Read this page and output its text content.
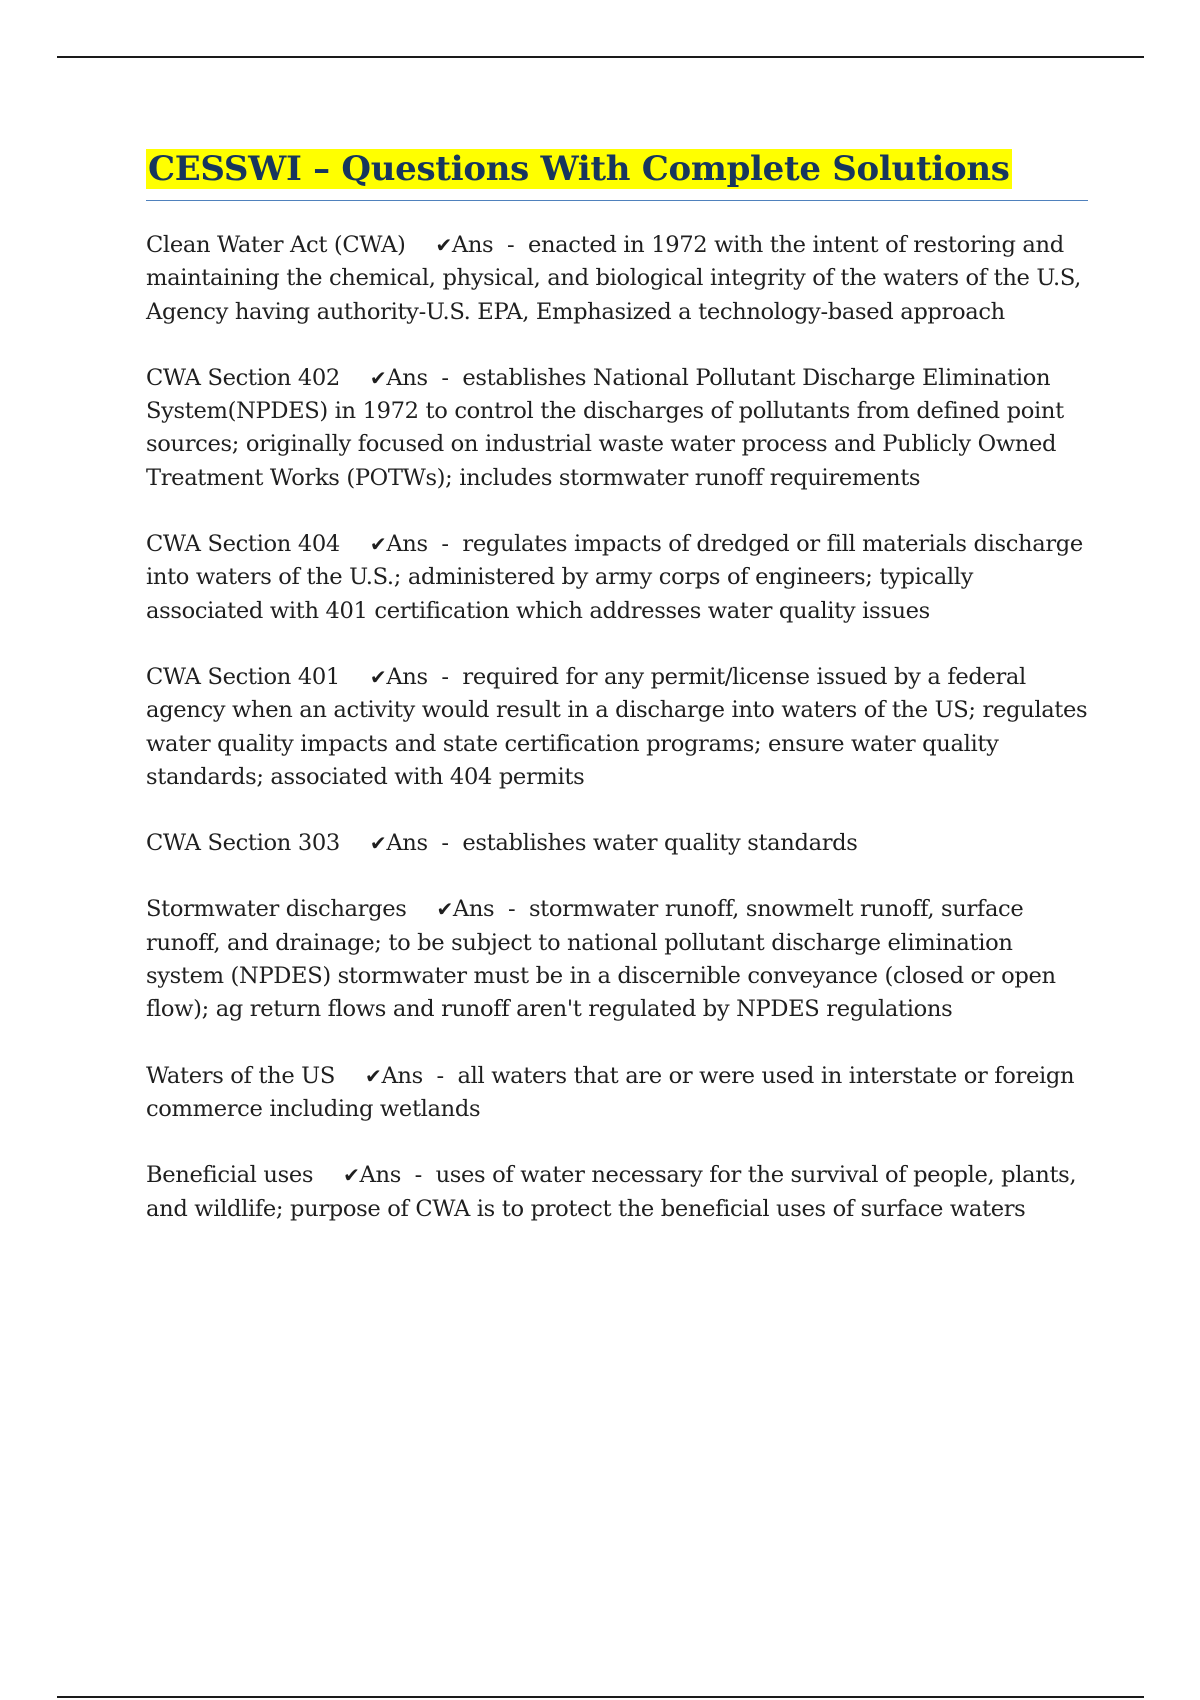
CESSWI – Questions With Complete Solutions
Clean Water Act (CWA) ✔Ans  -  enacted in 1972 with the intent of restoring and maintaining the chemical, physical, and biological integrity of the waters of the U.S, Agency having authority-U.S. EPA, Emphasized a technology-based approach
CWA Section 402 ✔Ans  -  establishes National Pollutant Discharge Elimination System(NPDES) in 1972 to control the discharges of pollutants from defined point sources; originally focused on industrial waste water process and Publicly Owned Treatment Works (POTWs); includes stormwater runoff requirements
CWA Section 404 ✔Ans  -  regulates impacts of dredged or fill materials discharge into waters of the U.S.; administered by army corps of engineers; typically associated with 401 certification which addresses water quality issues
CWA Section 401 ✔Ans  -  required for any permit/license issued by a federal agency when an activity would result in a discharge into waters of the US; regulates water quality impacts and state certification programs; ensure water quality standards; associated with 404 permits
CWA Section 303 ✔Ans  -  establishes water quality standards
Stormwater discharges ✔Ans  -  stormwater runoff, snowmelt runoff, surface runoff, and drainage; to be subject to national pollutant discharge elimination system (NPDES) stormwater must be in a discernible conveyance (closed or open flow); ag return flows and runoff aren't regulated by NPDES regulations
Waters of the US ✔Ans  -  all waters that are or were used in interstate or foreign commerce including wetlands
Beneficial uses ✔Ans  -  uses of water necessary for the survival of people, plants, and wildlife; purpose of CWA is to protect the beneficial uses of surface waters
